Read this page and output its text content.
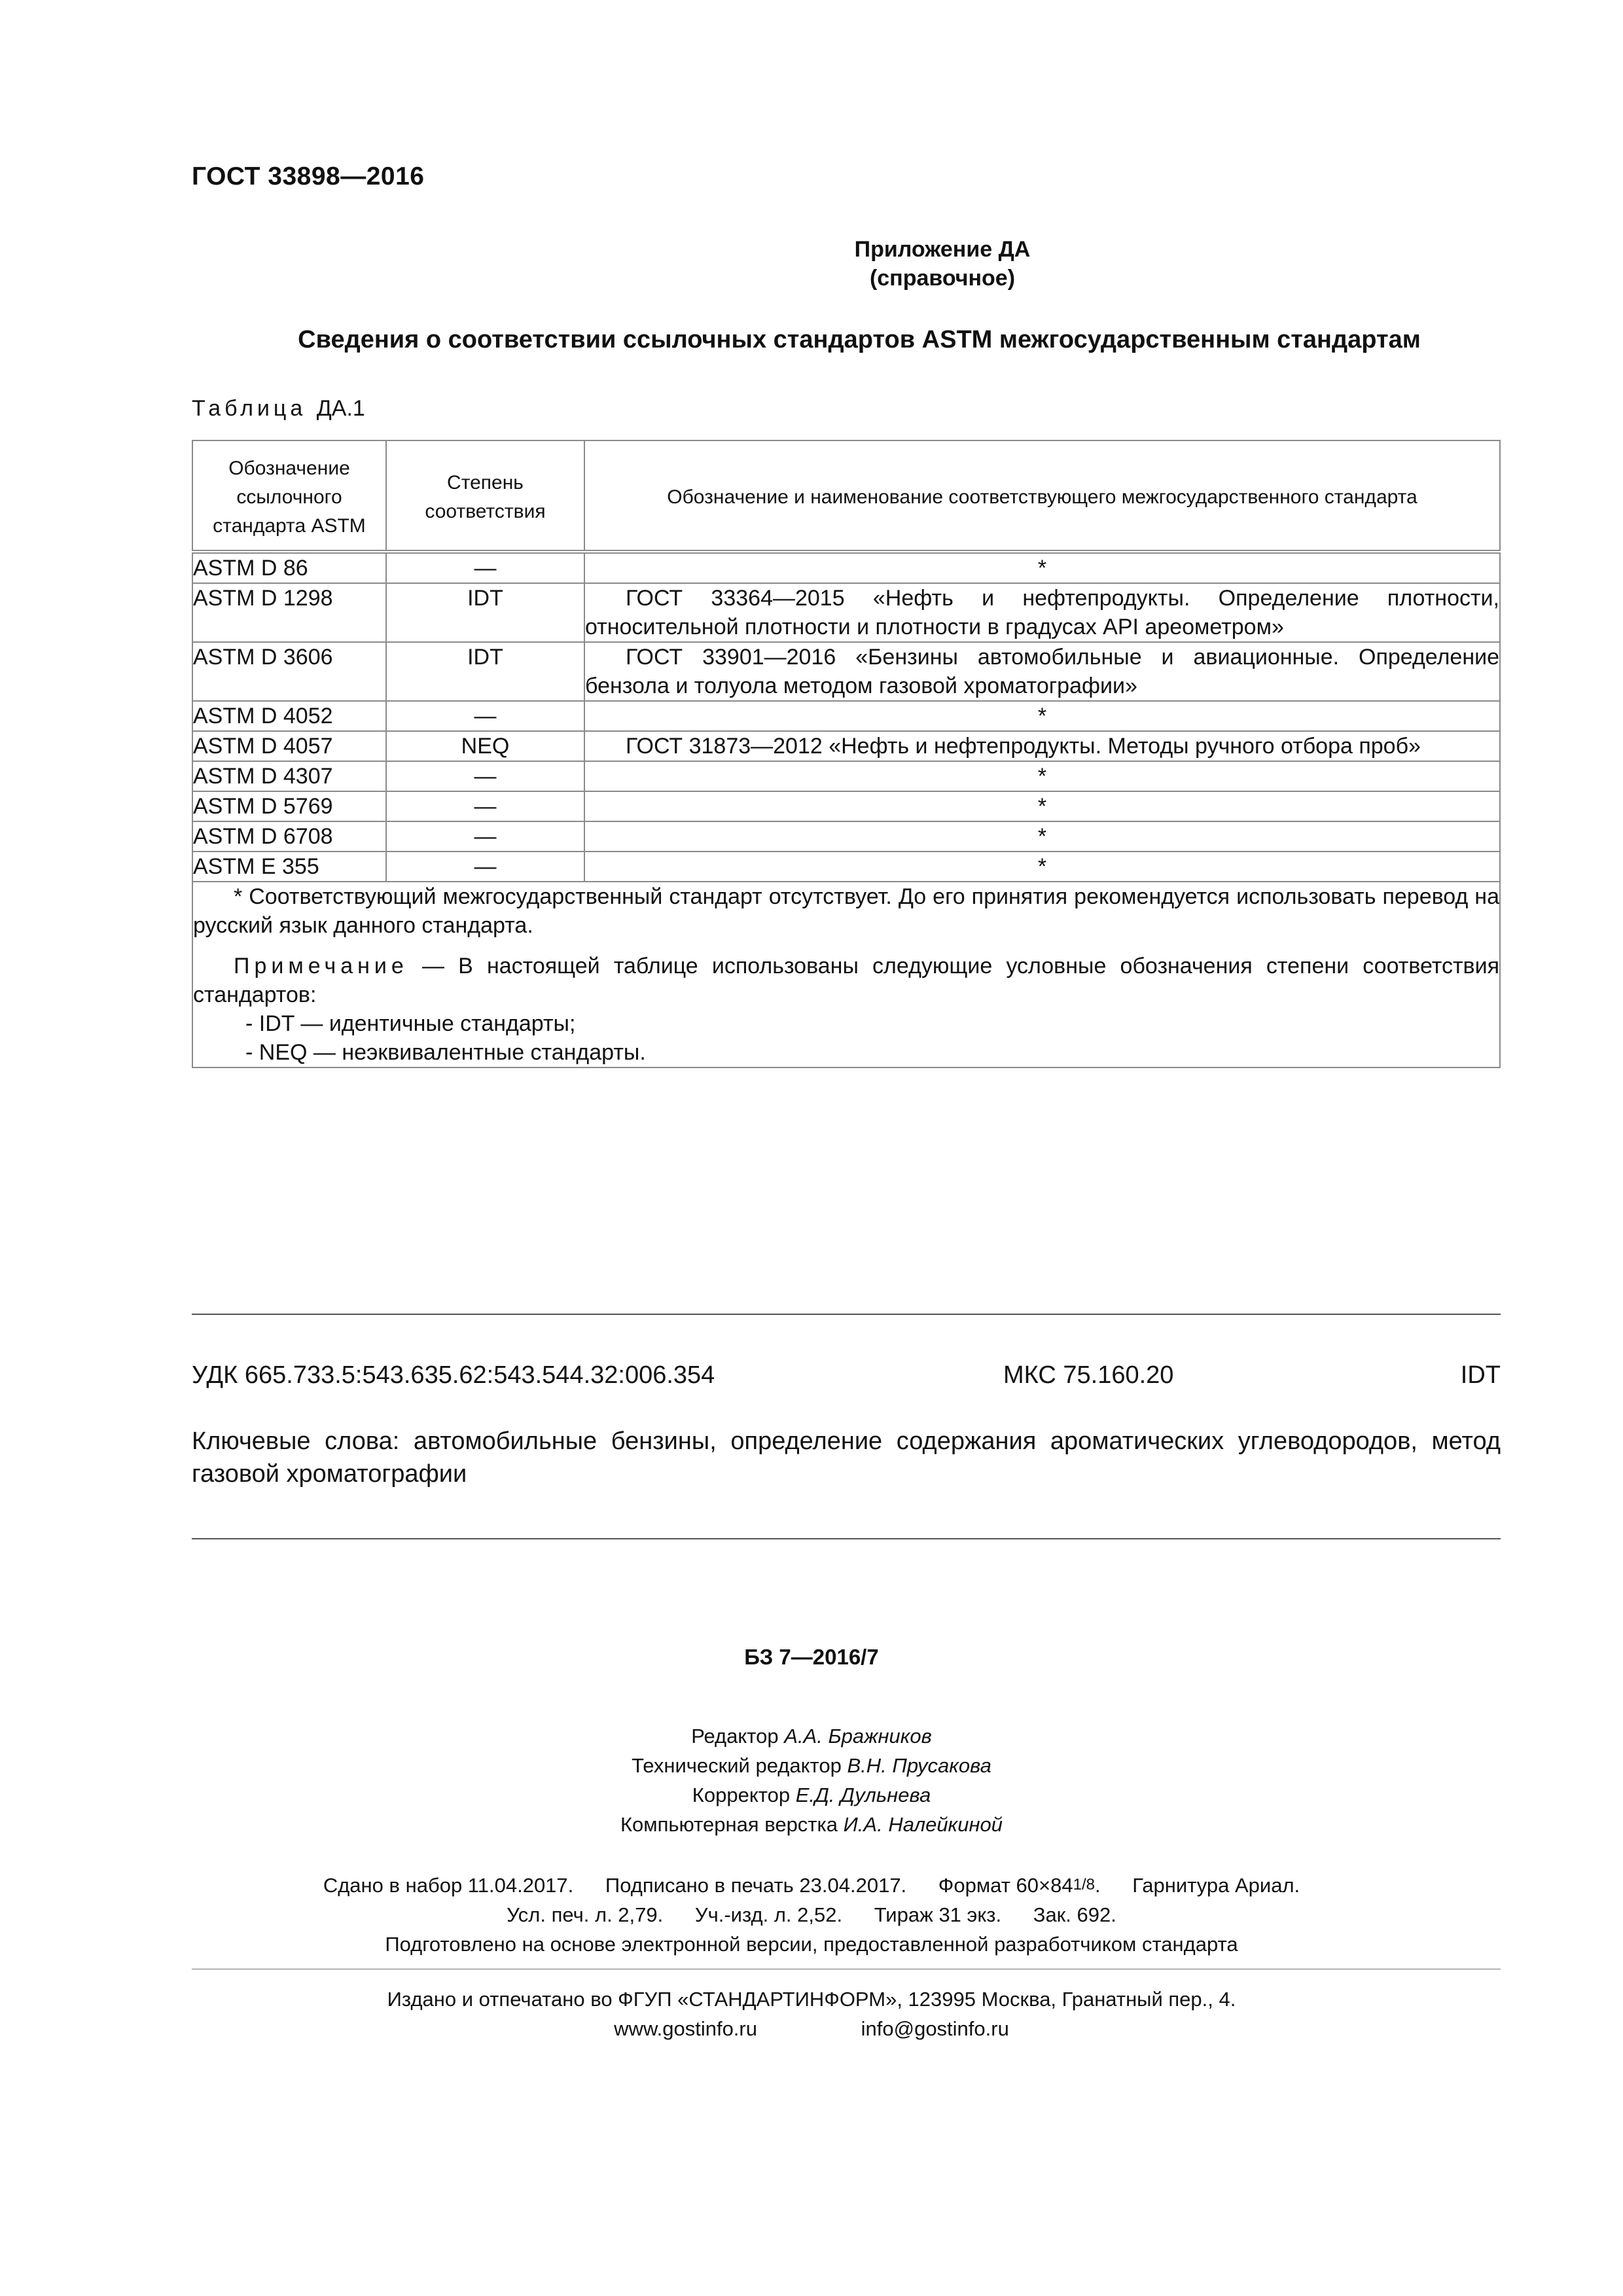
ГОСТ 33898—2016
Приложение ДА
(справочное)
Сведения о соответствии ссылочных стандартов ASTM межгосударственным стандартам
Таблица ДА.1
Обозначение ссылочного стандарта ASTM	Степень соответствия	Обозначение и наименование соответствующего межгосударственного стандарта
ASTM D 86	—	*
ASTM D 1298	IDT	ГОСТ 33364—2015 «Нефть и нефтепродукты. Определение плотности, относительной плотности и плотности в градусах API ареометром»
ASTM D 3606	IDT	ГОСТ 33901—2016 «Бензины автомобильные и авиационные. Определение бензола и толуола методом газовой хроматографии»
ASTM D 4052	—	*
ASTM D 4057	NEQ	ГОСТ 31873—2012 «Нефть и нефтепродукты. Методы ручного отбора проб»
ASTM D 4307	—	*
ASTM D 5769	—	*
ASTM D 6708	—	*
ASTM E 355	—	*

* Соответствующий межгосударственный стандарт отсутствует. До его принятия рекомендуется использовать перевод на русский язык данного стандарта.
Примечание — В настоящей таблице использованы следующие условные обозначения степени соответствия стандартов:
- IDT — идентичные стандарты;
- NEQ — неэквивалентные стандарты.		
УДК 665.733.5:543.635.62:543.544.32:006.354	МКС 75.160.20	IDT
Ключевые слова: автомобильные бензины, определение содержания ароматических углеводородов, метод газовой хроматографии
БЗ 7—2016/7
Редактор А.А. Бражников
Технический редактор В.Н. Прусакова
Корректор Е.Д. Дульнева
Компьютерная верстка И.А. Налейкиной
Сдано в набор 11.04.2017. Подписано в печать 23.04.2017. Формат 60×841/8. Гарнитура Ариал.
Усл. печ. л. 2,79. Уч.-изд. л. 2,52. Тираж 31 экз. Зак. 692.
Подготовлено на основе электронной версии, предоставленной разработчиком стандарта
Издано и отпечатано во ФГУП «СТАНДАРТИНФОРМ», 123995 Москва, Гранатный пер., 4.
www.gostinfo.ru	info@gostinfo.ru
